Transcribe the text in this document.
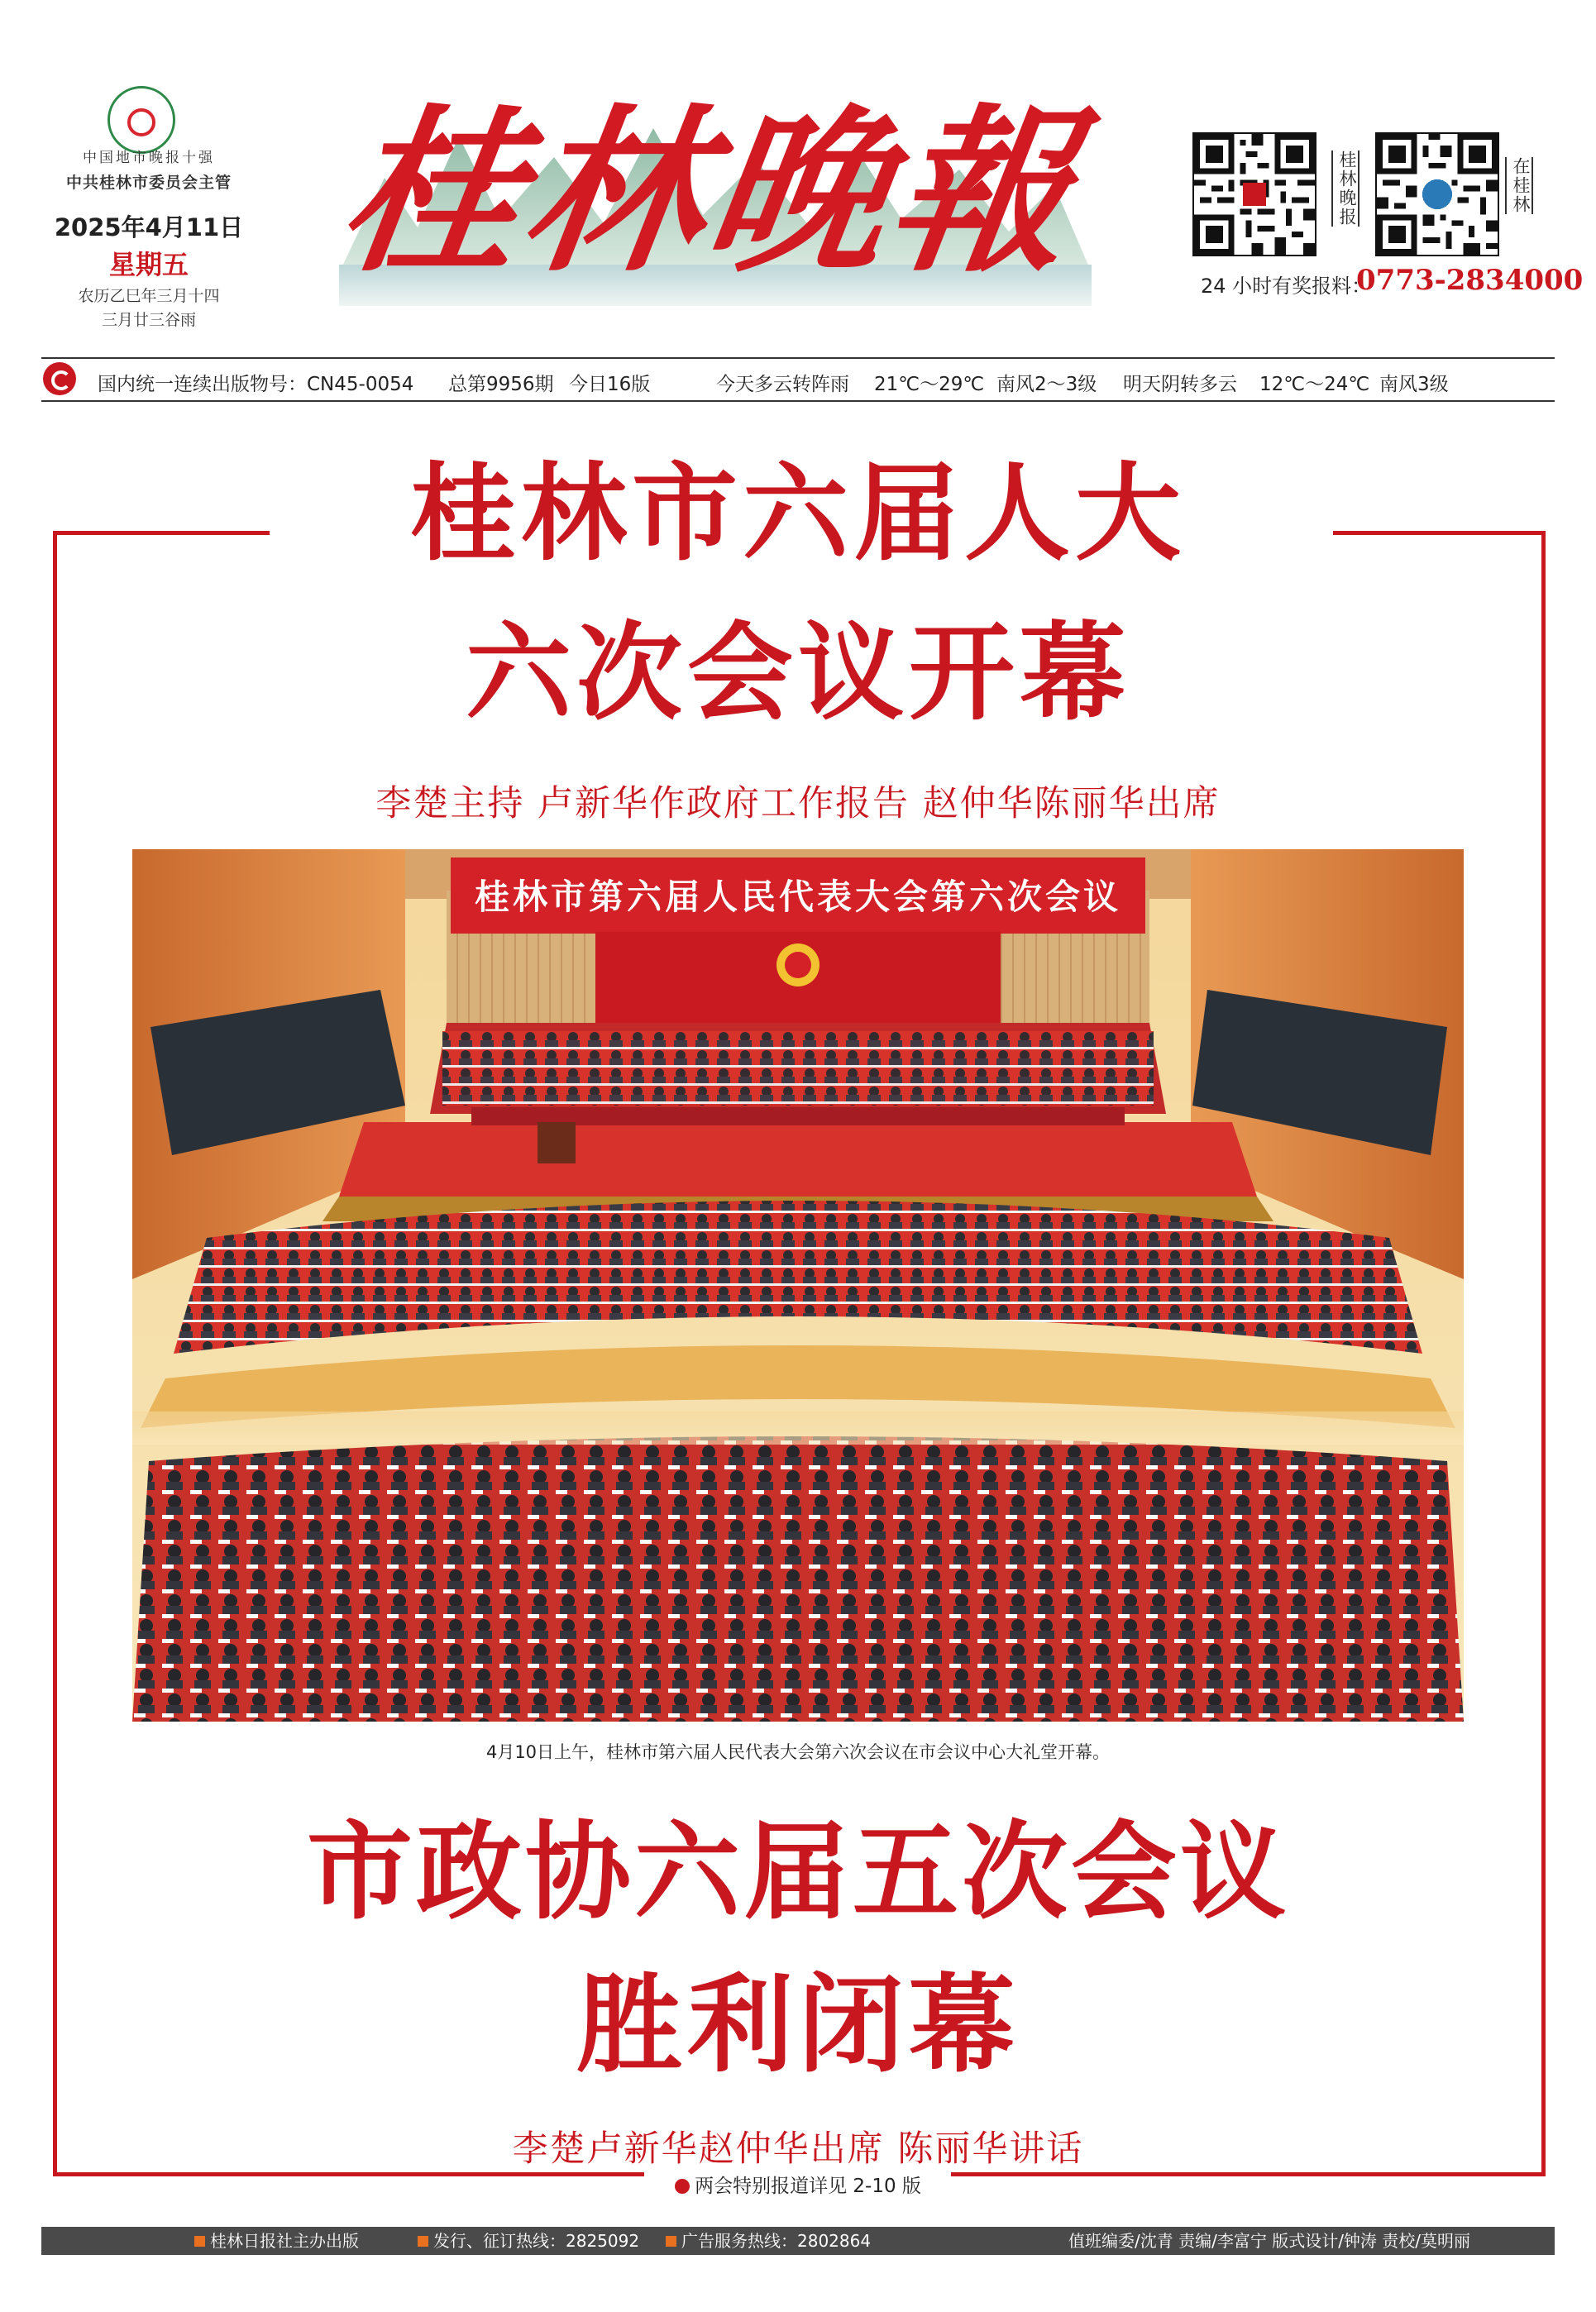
中国地市晚报十强
中共桂林市委员会主管
2025年4月11日
星期五
农历乙巳年三月十四
三月廿三谷雨
桂林晚報	桂林晚报	在桂林
24 小时有奖报料：
0773-2834000
国内统一连续出版物号：CN45-0054 总第9956期 今日16版	今天多云转阵雨 21℃～29℃ 南风2～3级 明天阴转多云 12℃～24℃ 南风3级
桂林市六届人大
六次会议开幕
李楚主持 卢新华作政府工作报告 赵仲华陈丽华出席
桂林市第六届人民代表大会第六次会议
4月10日上午，桂林市第六届人民代表大会第六次会议在市会议中心大礼堂开幕。
市政协六届五次会议
胜利闭幕
李楚卢新华赵仲华出席 陈丽华讲话
两会特别报道详见 2-10 版
桂林日报社主办出版	发行、征订热线：2825092	广告服务热线：2802864	值班编委/沈青 责编/李富宁 版式设计/钟涛 责校/莫明丽
